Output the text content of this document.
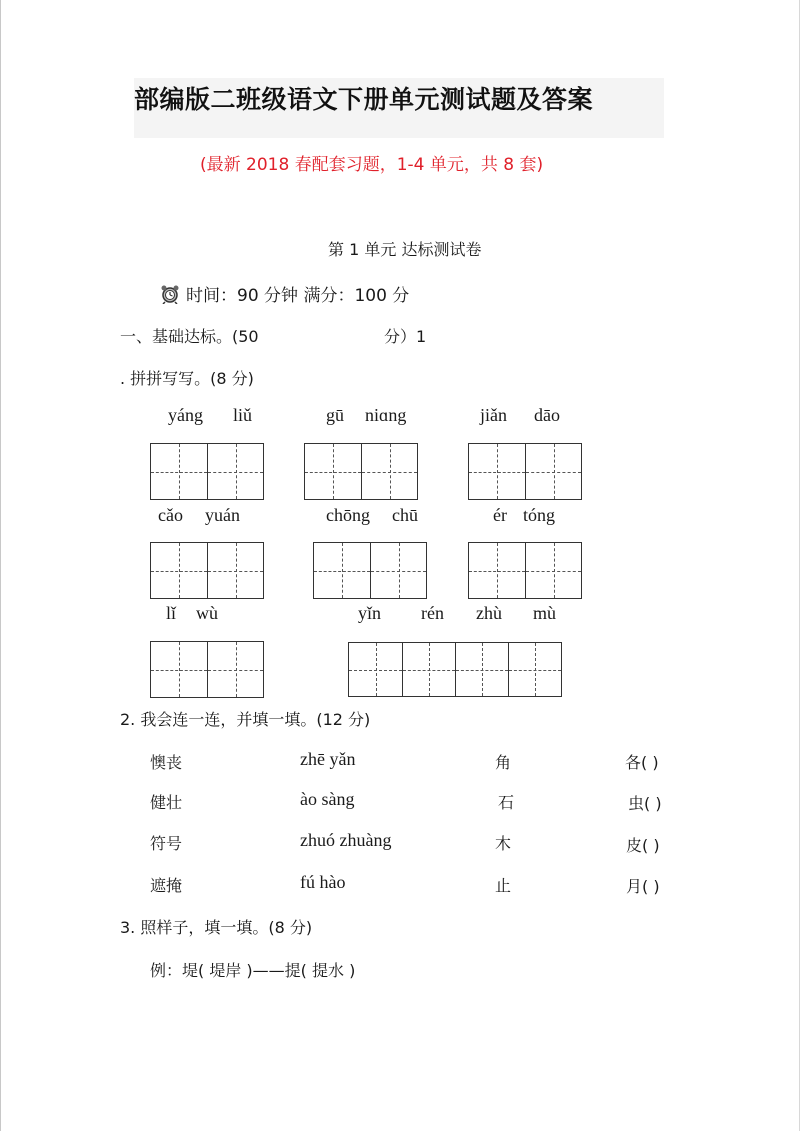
部编版二班级语文下册单元测试题及答案
(最新 2018 春配套习题，1-4 单元，共 8 套)
第 1 单元 达标测试卷
时间：90 分钟 满分：100 分
一、基础达标。(50	分）1
. 拼拼写写。(8 分)
yáng liǔ	gū niɑng	jiǎn dāo
cǎo yuán	chōng chū	ér tóng
lǐ wù	yǐn rén zhù mù
2. 我会连一连，并填一填。(12 分)
懊丧	zhē yǎn	角	各( )
健壮	ào sàng	石	虫( )
符号	zhuó zhuàng	木	皮( )
遮掩	fú hào	止	月( )
3. 照样子，填一填。(8 分)
例：堤( 堤岸 )——提( 提水 )
